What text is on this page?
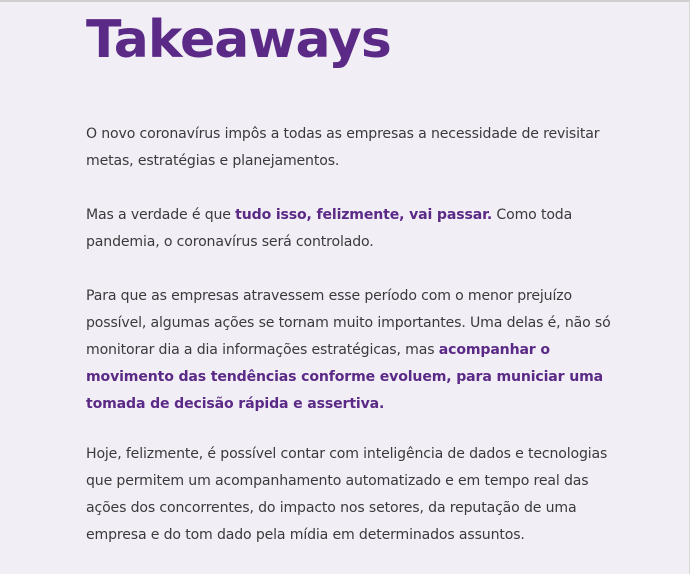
Takeaways

O novo coronavírus impôs a todas as empresas a necessidade de revisitar metas, estratégias e planejamentos.

Mas a verdade é que tudo isso, felizmente, vai passar. Como toda pandemia, o coronavírus será controlado.

Para que as empresas atravessem esse período com o menor prejuízo possível, algumas ações se tornam muito importantes. Uma delas é, não só monitorar dia a dia informações estratégicas, mas acompanhar o movimento das tendências conforme evoluem, para municiar uma tomada de decisão rápida e assertiva.

Hoje, felizmente, é possível contar com inteligência de dados e tecnologias que permitem um acompanhamento automatizado e em tempo real das ações dos concorrentes, do impacto nos setores, da reputação de uma empresa e do tom dado pela mídia em determinados assuntos.
